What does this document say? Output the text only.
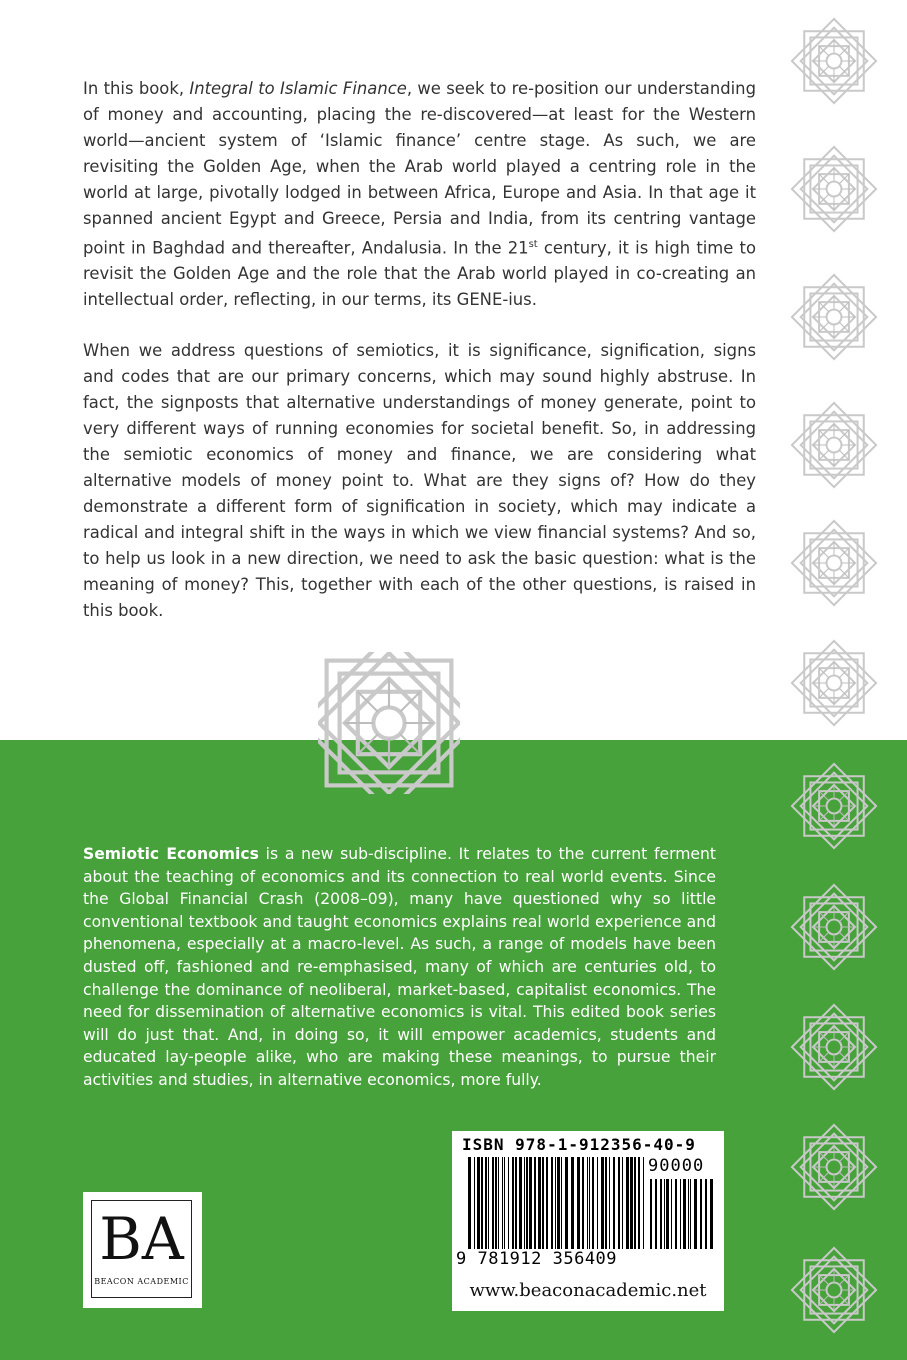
In this book, Integral to Islamic Finance, we seek to re-position our understanding of money and accounting, placing the re-discovered—at least for the Western world—ancient system of ‘Islamic finance’ centre stage. As such, we are revisiting the Golden Age, when the Arab world played a centring role in the world at large, pivotally lodged in between Africa, Europe and Asia. In that age it spanned ancient Egypt and Greece, Persia and India, from its centring vantage point in Baghdad and thereafter, Andalusia. In the 21st century, it is high time to revisit the Golden Age and the role that the Arab world played in co-creating an intellectual order, reflecting, in our terms, its GENE-ius.

When we address questions of semiotics, it is significance, signification, signs and codes that are our primary concerns, which may sound highly abstruse. In fact, the signposts that alternative understandings of money generate, point to very different ways of running economies for societal benefit. So, in addressing the semiotic economics of money and finance, we are considering what alternative models of money point to. What are they signs of? How do they demonstrate a different form of signification in society, which may indicate a radical and integral shift in the ways in which we view financial systems? And so, to help us look in a new direction, we need to ask the basic question: what is the meaning of money? This, together with each of the other questions, is raised in this book.

Semiotic Economics is a new sub-discipline. It relates to the current ferment about the teaching of economics and its connection to real world events. Since the Global Financial Crash (2008–09), many have questioned why so little conventional textbook and taught economics explains real world experience and phenomena, especially at a macro-level. As such, a range of models have been dusted off, fashioned and re-emphasised, many of which are centuries old, to challenge the dominance of neoliberal, market-based, capitalist economics. The need for dissemination of alternative economics is vital. This edited book series will do just that. And, in doing so, it will empower academics, students and educated lay-people alike, who are making these meanings, to pursue their activities and studies, in alternative economics, more fully.

BA
BEACON ACADEMIC
ISBN 978-1-912356-40-9
90000
9 781912 356409
www.beaconacademic.net
